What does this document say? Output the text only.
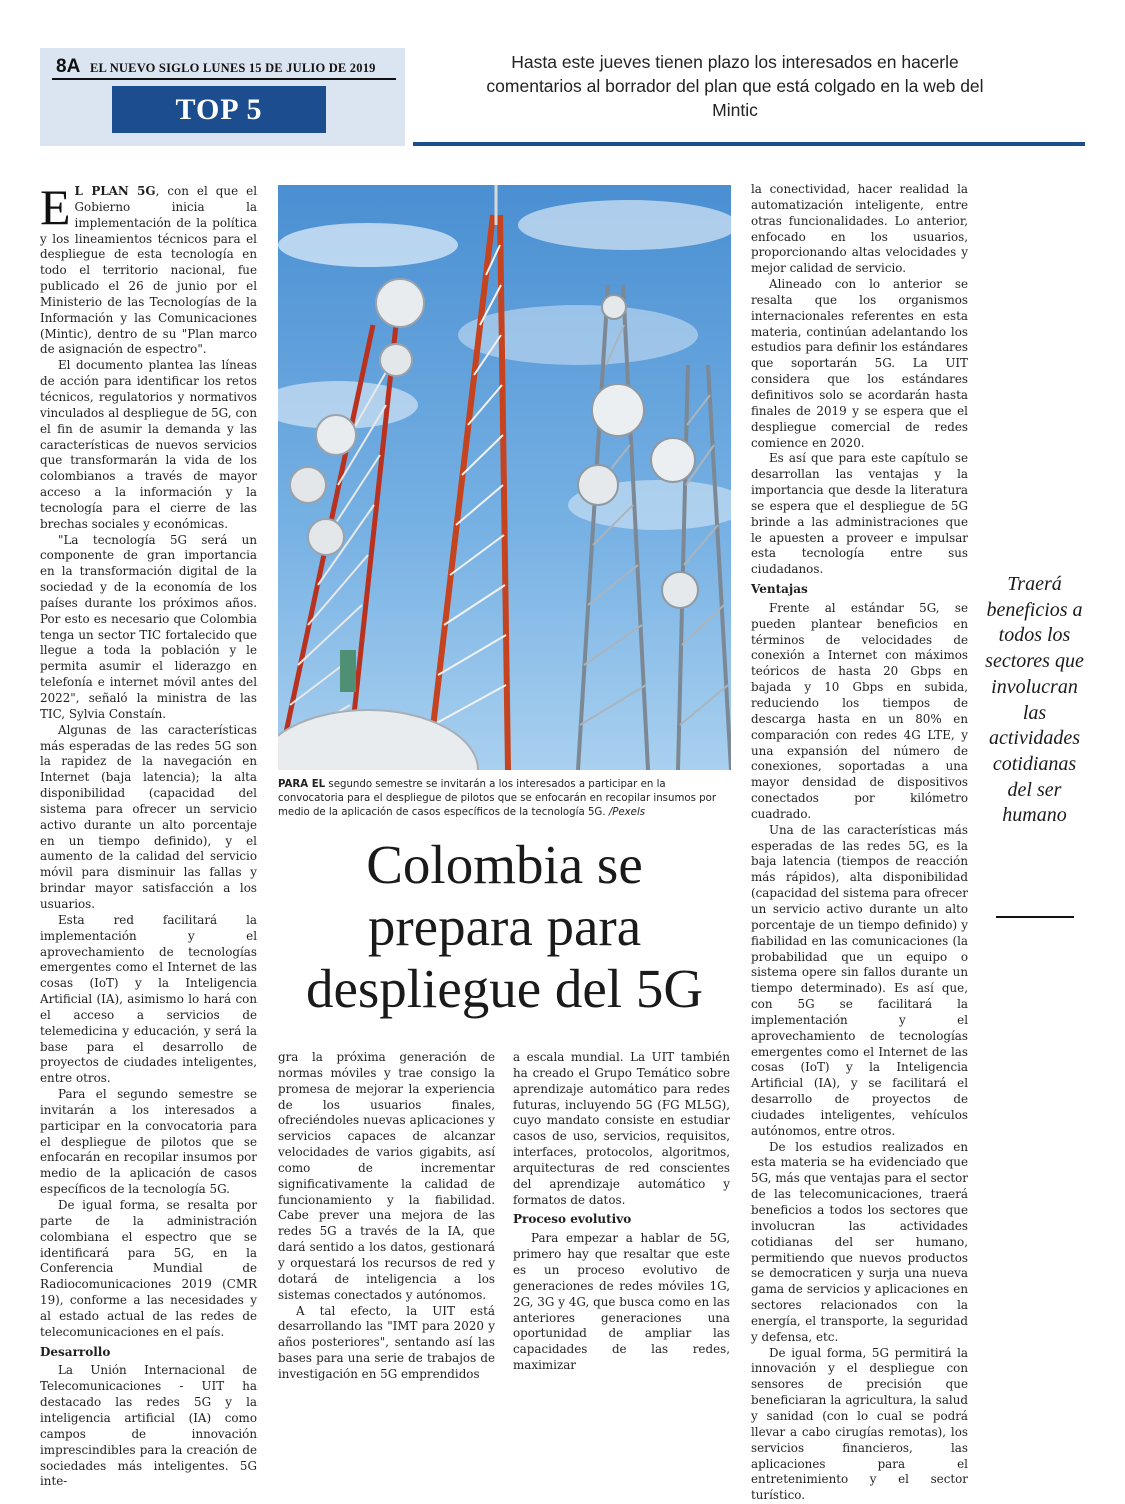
8A EL NUEVO SIGLO LUNES 15 DE JULIO DE 2019
TOP 5
Hasta este jueves tienen plazo los interesados en hacerle comentarios al borrador del plan que está colgado en la web del Mintic

E L PLAN 5G, con el que el Gobierno inicia la implementación de la política y los lineamientos técnicos para el despliegue de esta tecnología en todo el territorio nacional, fue publicado el 26 de junio por el Ministerio de las Tecnologías de la Información y las Comunicaciones (Mintic), dentro de su "Plan marco de asignación de espectro".

El documento plantea las líneas de acción para identificar los retos técnicos, regulatorios y normativos vinculados al despliegue de 5G, con el fin de asumir la demanda y las características de nuevos servicios que transformarán la vida de los colombianos a través de mayor acceso a la información y la tecnología para el cierre de las brechas sociales y económicas.

"La tecnología 5G será un componente de gran importancia en la transformación digital de la sociedad y de la economía de los países durante los próximos años. Por esto es necesario que Colombia tenga un sector TIC fortalecido que llegue a toda la población y le permita asumir el liderazgo en telefonía e internet móvil antes del 2022", señaló la ministra de las TIC, Sylvia Constaín.

Algunas de las características más esperadas de las redes 5G son la rapidez de la navegación en Internet (baja latencia); la alta disponibilidad (capacidad del sistema para ofrecer un servicio activo durante un alto porcentaje en un tiempo definido), y el aumento de la calidad del servicio móvil para disminuir las fallas y brindar mayor satisfacción a los usuarios.

Esta red facilitará la implementación y el aprovechamiento de tecnologías emergentes como el Internet de las cosas (IoT) y la Inteligencia Artificial (IA), asimismo lo hará con el acceso a servicios de telemedicina y educación, y será la base para el desarrollo de proyectos de ciudades inteligentes, entre otros.

Para el segundo semestre se invitarán a los interesados a participar en la convocatoria para el despliegue de pilotos que se enfocarán en recopilar insumos por medio de la aplicación de casos específicos de la tecnología 5G.

De igual forma, se resalta por parte de la administración colombiana el espectro que se identificará para 5G, en la Conferencia Mundial de Radiocomunicaciones 2019 (CMR 19), conforme a las necesidades y al estado actual de las redes de telecomunicaciones en el país.

Desarrollo

La Unión Internacional de Telecomunicaciones - UIT ha destacado las redes 5G y la inteligencia artificial (IA) como campos de innovación imprescindibles para la creación de sociedades más inteligentes. 5G inte-

PARA EL segundo semestre se invitarán a los interesados a participar en la convocatoria para el despliegue de pilotos que se enfocarán en recopilar insumos por medio de la aplicación de casos específicos de la tecnología 5G. /Pexels
Colombia se prepara para despliegue del 5G

gra la próxima generación de normas móviles y trae consigo la promesa de mejorar la experiencia de los usuarios finales, ofreciéndoles nuevas aplicaciones y servicios capaces de alcanzar velocidades de varios gigabits, así como de incrementar significativamente la calidad de funcionamiento y la fiabilidad. Cabe prever una mejora de las redes 5G a través de la IA, que dará sentido a los datos, gestionará y orquestará los recursos de red y dotará de inteligencia a los sistemas conectados y autónomos.

A tal efecto, la UIT está desarrollando las "IMT para 2020 y años posteriores", sentando así las bases para una serie de trabajos de investigación en 5G emprendidos

a escala mundial. La UIT también ha creado el Grupo Temático sobre aprendizaje automático para redes futuras, incluyendo 5G (FG ML5G), cuyo mandato consiste en estudiar casos de uso, servicios, requisitos, interfaces, protocolos, algoritmos, arquitecturas de red conscientes del aprendizaje automático y formatos de datos.

Proceso evolutivo

Para empezar a hablar de 5G, primero hay que resaltar que este es un proceso evolutivo de generaciones de redes móviles 1G, 2G, 3G y 4G, que busca como en las anteriores generaciones una oportunidad de ampliar las capacidades de las redes, maximizar

la conectividad, hacer realidad la automatización inteligente, entre otras funcionalidades. Lo anterior, enfocado en los usuarios, proporcionando altas velocidades y mejor calidad de servicio.

Alineado con lo anterior se resalta que los organismos internacionales referentes en esta materia, continúan adelantando los estudios para definir los estándares que soportarán 5G. La UIT considera que los estándares definitivos solo se acordarán hasta finales de 2019 y se espera que el despliegue comercial de redes comience en 2020.

Es así que para este capítulo se desarrollan las ventajas y la importancia que desde la literatura se espera que el despliegue de 5G brinde a las administraciones que le apuesten a proveer e impulsar esta tecnología entre sus ciudadanos.

Ventajas

Frente al estándar 5G, se pueden plantear beneficios en términos de velocidades de conexión a Internet con máximos teóricos de hasta 20 Gbps en bajada y 10 Gbps en subida, reduciendo los tiempos de descarga hasta en un 80% en comparación con redes 4G LTE, y una expansión del número de conexiones, soportadas a una mayor densidad de dispositivos conectados por kilómetro cuadrado.

Una de las características más esperadas de las redes 5G, es la baja latencia (tiempos de reacción más rápidos), alta disponibilidad (capacidad del sistema para ofrecer un servicio activo durante un alto porcentaje de un tiempo definido) y fiabilidad en las comunicaciones (la probabilidad que un equipo o sistema opere sin fallos durante un tiempo determinado). Es así que, con 5G se facilitará la implementación y el aprovechamiento de tecnologías emergentes como el Internet de las cosas (IoT) y la Inteligencia Artificial (IA), y se facilitará el desarrollo de proyectos de ciudades inteligentes, vehículos autónomos, entre otros.

De los estudios realizados en esta materia se ha evidenciado que 5G, más que ventajas para el sector de las telecomunicaciones, traerá beneficios a todos los sectores que involucran las actividades cotidianas del ser humano, permitiendo que nuevos productos se democraticen y surja una nueva gama de servicios y aplicaciones en sectores relacionados con la energía, el transporte, la seguridad y defensa, etc.

De igual forma, 5G permitirá la innovación y el despliegue con sensores de precisión que beneficiaran la agricultura, la salud y sanidad (con lo cual se podrá llevar a cabo cirugías remotas), los servicios financieros, las aplicaciones para el entretenimiento y el sector turístico.

Traerá beneficios a todos los sectores que involucran las actividades cotidianas del ser humano
